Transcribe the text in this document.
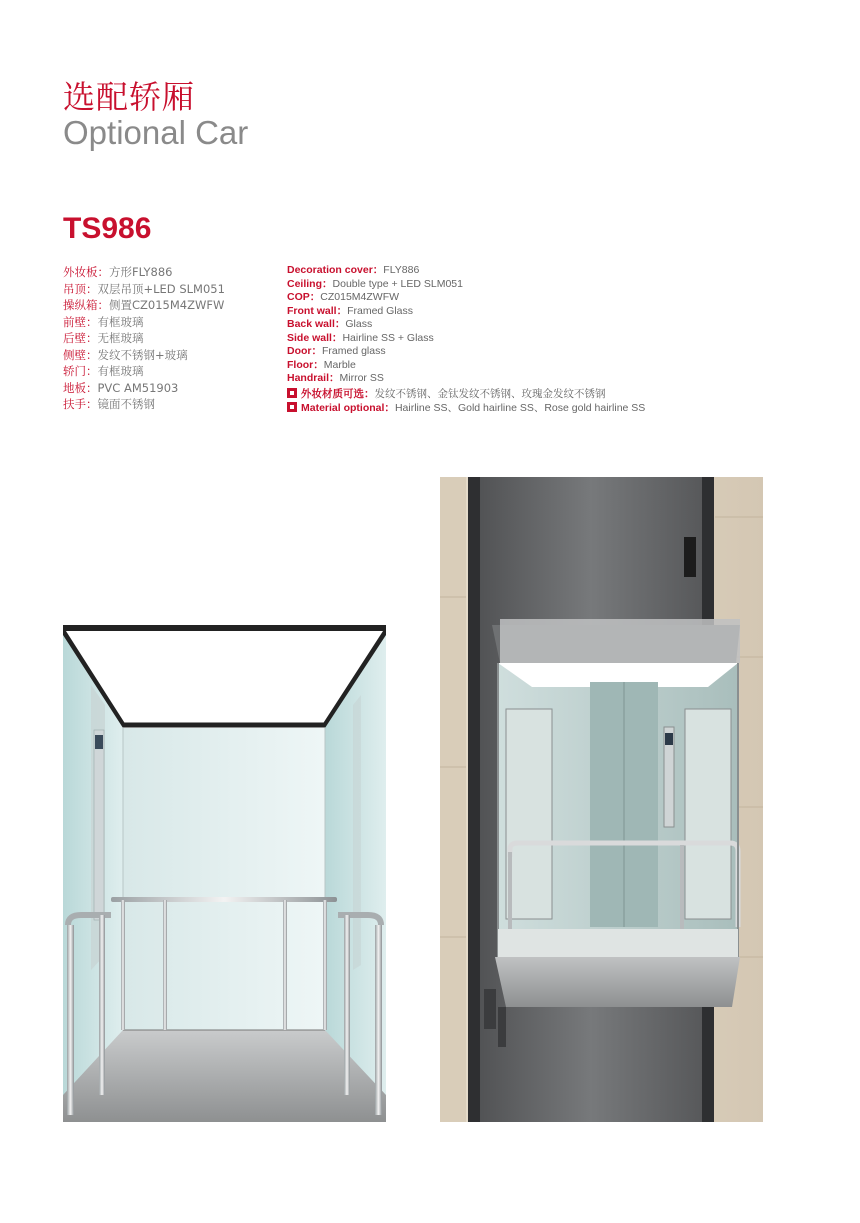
选配轿厢
Optional Car
TS986
外妆板：方形FLY886
吊顶：双层吊顶+LED SLM051
操纵箱：侧置CZ015M4ZWFW
前壁：有框玻璃
后壁：无框玻璃
侧壁：发纹不锈钢+玻璃
轿门：有框玻璃
地板：PVC AM51903
扶手：镜面不锈钢
Decoration cover：FLY886
Ceiling：Double type + LED SLM051
COP：CZ015M4ZWFW
Front wall：Framed Glass
Back wall：Glass
Side wall：Hairline SS + Glass
Door：Framed glass
Floor：Marble
Handrail：Mirror SS
外妆材质可选：发纹不锈钢、金钛发纹不锈钢、玫瑰金发纹不锈钢
Material optional：Hairline SS、Gold hairline SS、Rose gold hairline SS
